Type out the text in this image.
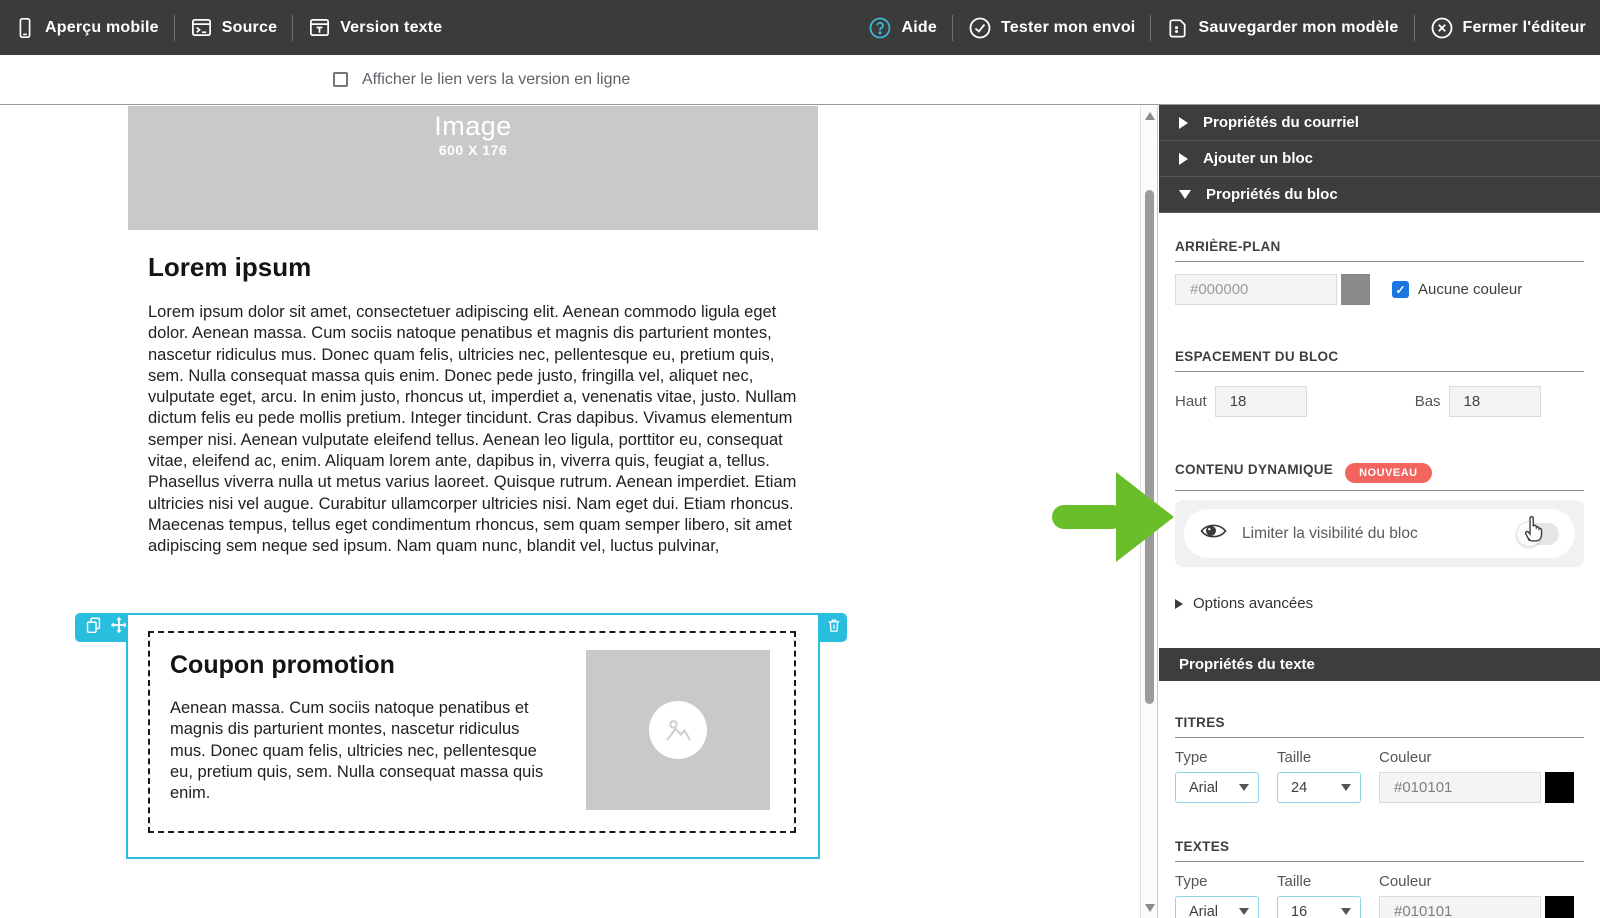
Aperçu mobile	Source	Version texte	Aide	Tester mon envoi	Sauvegarder mon modèle	Fermer l'éditeur
Afficher le lien vers la version en ligne
Image
600 X 176
Lorem ipsum
Lorem ipsum dolor sit amet, consectetuer adipiscing elit. Aenean commodo ligula eget dolor. Aenean massa. Cum sociis natoque penatibus et magnis dis parturient montes, nascetur ridiculus mus. Donec quam felis, ultricies nec, pellentesque eu, pretium quis, sem. Nulla consequat massa quis enim. Donec pede justo, fringilla vel, aliquet nec, vulputate eget, arcu. In enim justo, rhoncus ut, imperdiet a, venenatis vitae, justo. Nullam dictum felis eu pede mollis pretium. Integer tincidunt. Cras dapibus. Vivamus elementum semper nisi. Aenean vulputate eleifend tellus. Aenean leo ligula, porttitor eu, consequat vitae, eleifend ac, enim. Aliquam lorem ante, dapibus in, viverra quis, feugiat a, tellus. Phasellus viverra nulla ut metus varius laoreet. Quisque rutrum. Aenean imperdiet. Etiam ultricies nisi vel augue. Curabitur ullamcorper ultricies nisi. Nam eget dui. Etiam rhoncus. Maecenas tempus, tellus eget condimentum rhoncus, sem quam semper libero, sit amet adipiscing sem neque sed ipsum. Nam quam nunc, blandit vel, luctus pulvinar,
Coupon promotion
Aenean massa. Cum sociis natoque penatibus et magnis dis parturient montes, nascetur ridiculus mus. Donec quam felis, ultricies nec, pellentesque eu, pretium quis, sem. Nulla consequat massa quis enim.
Propriétés du courriel
Ajouter un bloc
Propriétés du bloc
ARRIÈRE-PLAN
#000000	✓ Aucune couleur
ESPACEMENT DU BLOC
Haut	18	Bas	18
CONTENU DYNAMIQUE NOUVEAU
Limiter la visibilité du bloc
Options avancées
Propriétés du texte
TITRES
Type	Taille	Couleur
Arial	24	#010101
TEXTES
Type	Taille	Couleur
Arial	16	#010101
